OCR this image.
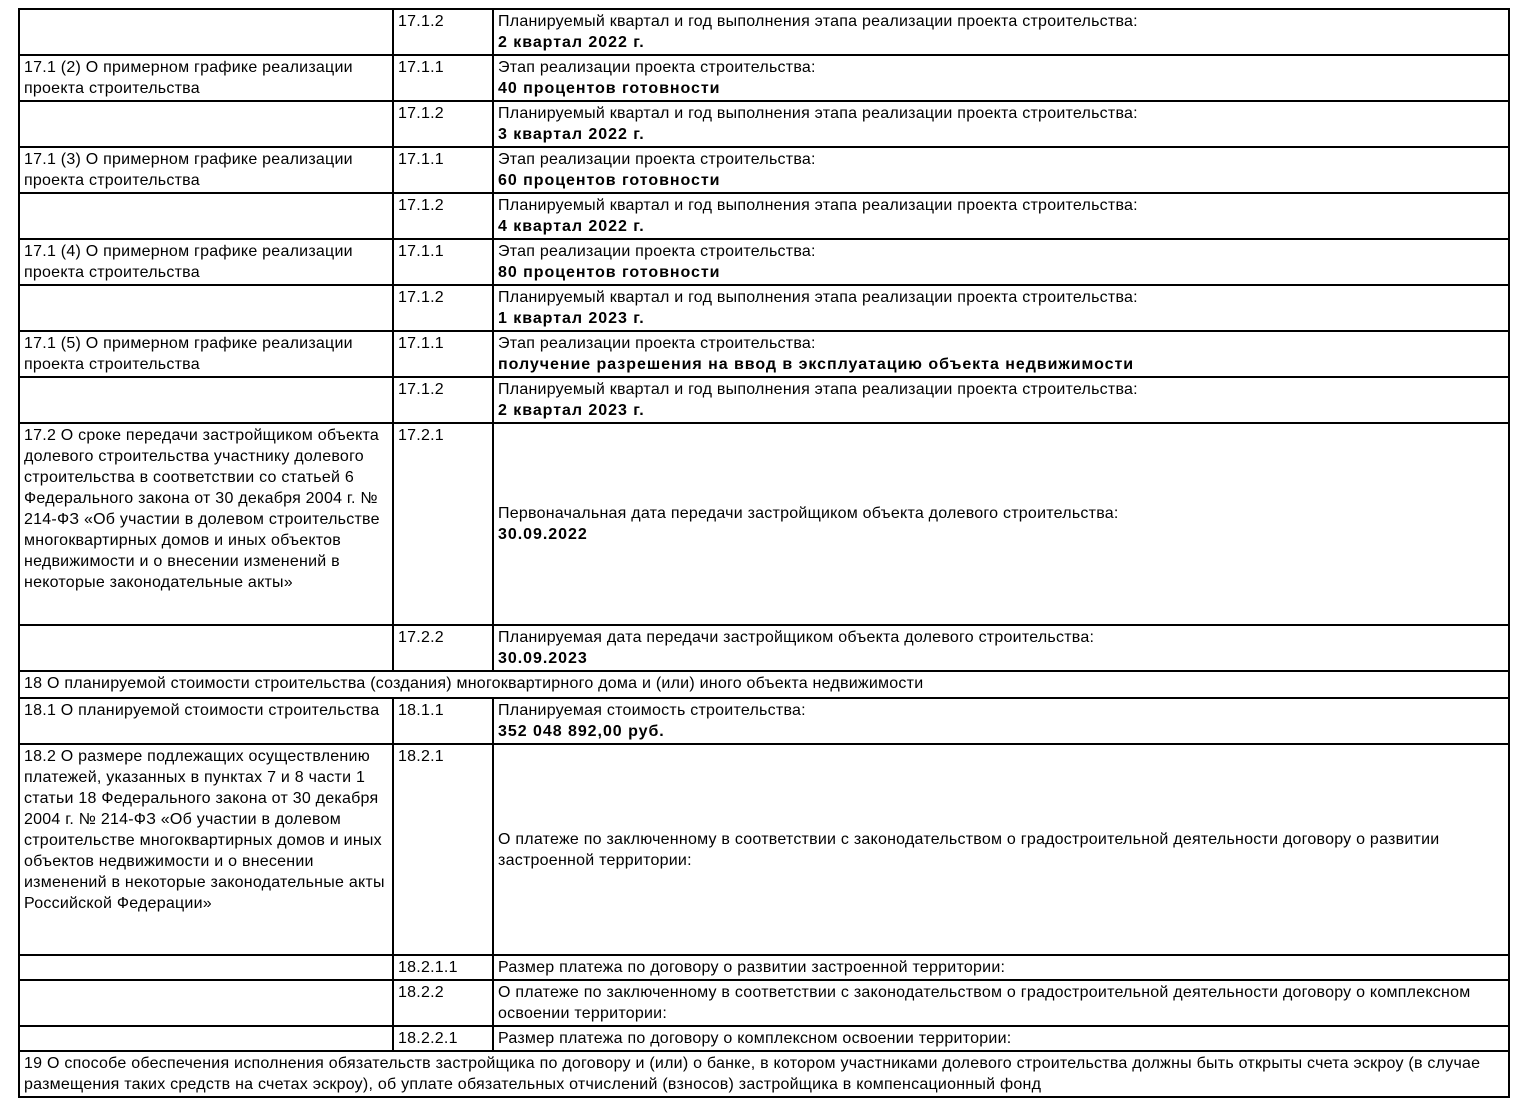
	17.1.2	Планируемый квартал и год выполнения этапа реализации проекта строительства:
2 квартал 2022 г.

17.1 (2) О примерном графике реализации проекта строительства	17.1.1	Этап реализации проекта строительства:
40 процентов готовности

	17.1.2	Планируемый квартал и год выполнения этапа реализации проекта строительства:
3 квартал 2022 г.

17.1 (3) О примерном графике реализации проекта строительства	17.1.1	Этап реализации проекта строительства:
60 процентов готовности

	17.1.2	Планируемый квартал и год выполнения этапа реализации проекта строительства:
4 квартал 2022 г.

17.1 (4) О примерном графике реализации проекта строительства	17.1.1	Этап реализации проекта строительства:
80 процентов готовности

	17.1.2	Планируемый квартал и год выполнения этапа реализации проекта строительства:
1 квартал 2023 г.

17.1 (5) О примерном графике реализации проекта строительства	17.1.1	Этап реализации проекта строительства:
получение разрешения на ввод в эксплуатацию объекта недвижимости

	17.1.2	Планируемый квартал и год выполнения этапа реализации проекта строительства:
2 квартал 2023 г.

17.2 О сроке передачи застройщиком объекта долевого строительства участнику долевого строительства в соответствии со статьей 6 Федерального закона от 30 декабря 2004 г. № 214-ФЗ «Об участии в долевом строительстве многоквартирных домов и иных объектов недвижимости и о внесении изменений в некоторые законодательные акты»	17.2.1	Первоначальная дата передачи застройщиком объекта долевого строительства:
30.09.2022

	17.2.2	Планируемая дата передачи застройщиком объекта долевого строительства:
30.09.2023

18 О планируемой стоимости строительства (создания) многоквартирного дома и (или) иного объекта недвижимости		
18.1 О планируемой стоимости строительства	18.1.1	Планируемая стоимость строительства:
352 048 892,00 руб.

18.2 О размере подлежащих осуществлению платежей, указанных в пунктах 7 и 8 части 1 статьи 18 Федерального закона от 30 декабря 2004 г. № 214-ФЗ «Об участии в долевом строительстве многоквартирных домов и иных объектов недвижимости и о внесении изменений в некоторые законодательные акты Российской Федерации»	18.2.1	О платеже по заключенному в соответствии с законодательством о градостроительной деятельности договору о развитии застроенной территории:

	18.2.1.1	Размер платежа по договору о развитии застроенной территории:

	18.2.2	О платеже по заключенному в соответствии с законодательством о градостроительной деятельности договору о комплексном освоении территории:

	18.2.2.1	Размер платежа по договору о комплексном освоении территории:

19 О способе обеспечения исполнения обязательств застройщика по договору и (или) о банке, в котором участниками долевого строительства должны быть открыты счета эскроу (в случае размещения таких средств на счетах эскроу), об уплате обязательных отчислений (взносов) застройщика в компенсационный фонд		
